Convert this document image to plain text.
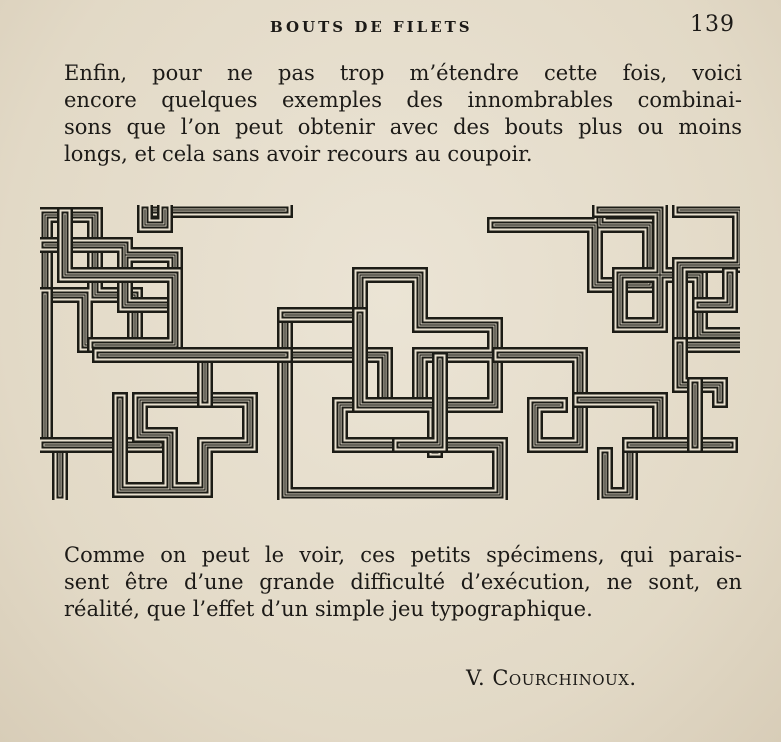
BOUTS DE FILETS	139

Enfin, pour ne pas trop m’étendre cette fois, voici
encore quelques exemples des innombrables combinai-
sons que l’on peut obtenir avec des bouts plus ou moins
longs, et cela sans avoir recours au coupoir.

Comme on peut le voir, ces petits spécimens, qui parais-
sent être d’une grande difficulté d’exécution, ne sont, en
réalité, que l’effet d’un simple jeu typographique.

V. Courchinoux.
